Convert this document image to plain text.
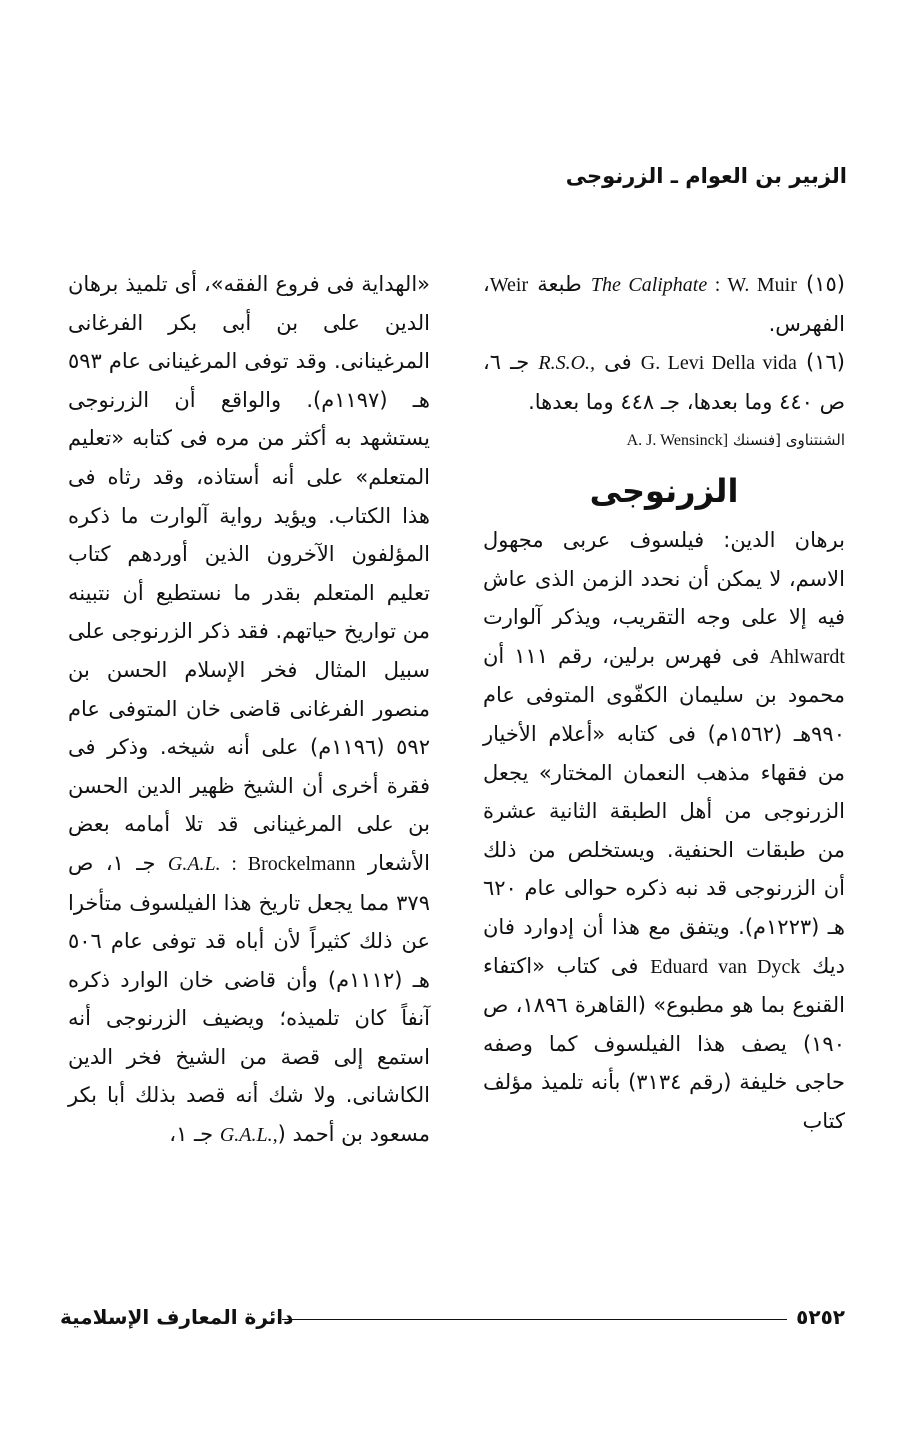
الزبير بن العوام ـ الزرنوجى

(١٥) The Caliphate : W. Muir طبعة Weir، الفهرس.

(١٦) G. Levi Della vida فى R.S.O., جـ ٦، ص ٤٤٠ وما بعدها، جـ ٤٤٨ وما بعدها.

الشنتناوى [فنسنك A. J. Wensinck]

الزرنوجى

برهان الدين: فيلسوف عربى مجهول الاسم، لا يمكن أن نحدد الزمن الذى عاش فيه إلا على وجه التقريب، ويذكر آلوارت Ahlwardt فى فهرس برلين، رقم ١١١ أن محمود بن سليمان الكفّوى المتوفى عام ٩٩٠هـ (١٥٦٢م) فى كتابه «أعلام الأخيار من فقهاء مذهب النعمان المختار» يجعل الزرنوجى من أهل الطبقة الثانية عشرة من طبقات الحنفية. ويستخلص من ذلك أن الزرنوجى قد نبه ذكره حوالى عام ٦٢٠ هـ (١٢٢٣م). ويتفق مع هذا أن إدوارد فان ديك Eduard van Dyck فى كتاب «اكتفاء القنوع بما هو مطبوع» (القاهرة ١٨٩٦، ص ١٩٠) يصف هذا الفيلسوف كما وصفه حاجى خليفة (رقم ٣١٣٤) بأنه تلميذ مؤلف كتاب

«الهداية فى فروع الفقه»، أى تلميذ برهان الدين على بن أبى بكر الفرغانى المرغينانى. وقد توفى المرغينانى عام ٥٩٣ هـ (١١٩٧م). والواقع أن الزرنوجى يستشهد به أكثر من مره فى كتابه «تعليم المتعلم» على أنه أستاذه، وقد رثاه فى هذا الكتاب. ويؤيد رواية آلوارت ما ذكره المؤلفون الآخرون الذين أوردهم كتاب تعليم المتعلم بقدر ما نستطيع أن نتبينه من تواريخ حياتهم. فقد ذكر الزرنوجى على سبيل المثال فخر الإسلام الحسن بن منصور الفرغانى قاضى خان المتوفى عام ٥٩٢ (١١٩٦م) على أنه شيخه. وذكر فى فقرة أخرى أن الشيخ ظهير الدين الحسن بن على المرغينانى قد تلا أمامه بعض الأشعار G.A.L. : Brockelmann جـ ١، ص ٣٧٩ مما يجعل تاريخ هذا الفيلسوف متأخرا عن ذلك كثيراً لأن أباه قد توفى عام ٥٠٦ هـ (١١١٢م) وأن قاضى خان الوارد ذكره آنفاً كان تلميذه؛ ويضيف الزرنوجى أنه استمع إلى قصة من الشيخ فخر الدين الكاشانى. ولا شك أنه قصد بذلك أبا بكر مسعود بن أحمد (G.A.L., جـ ١،

دائرة المعارف الإسلامية	٥٢٥٢
